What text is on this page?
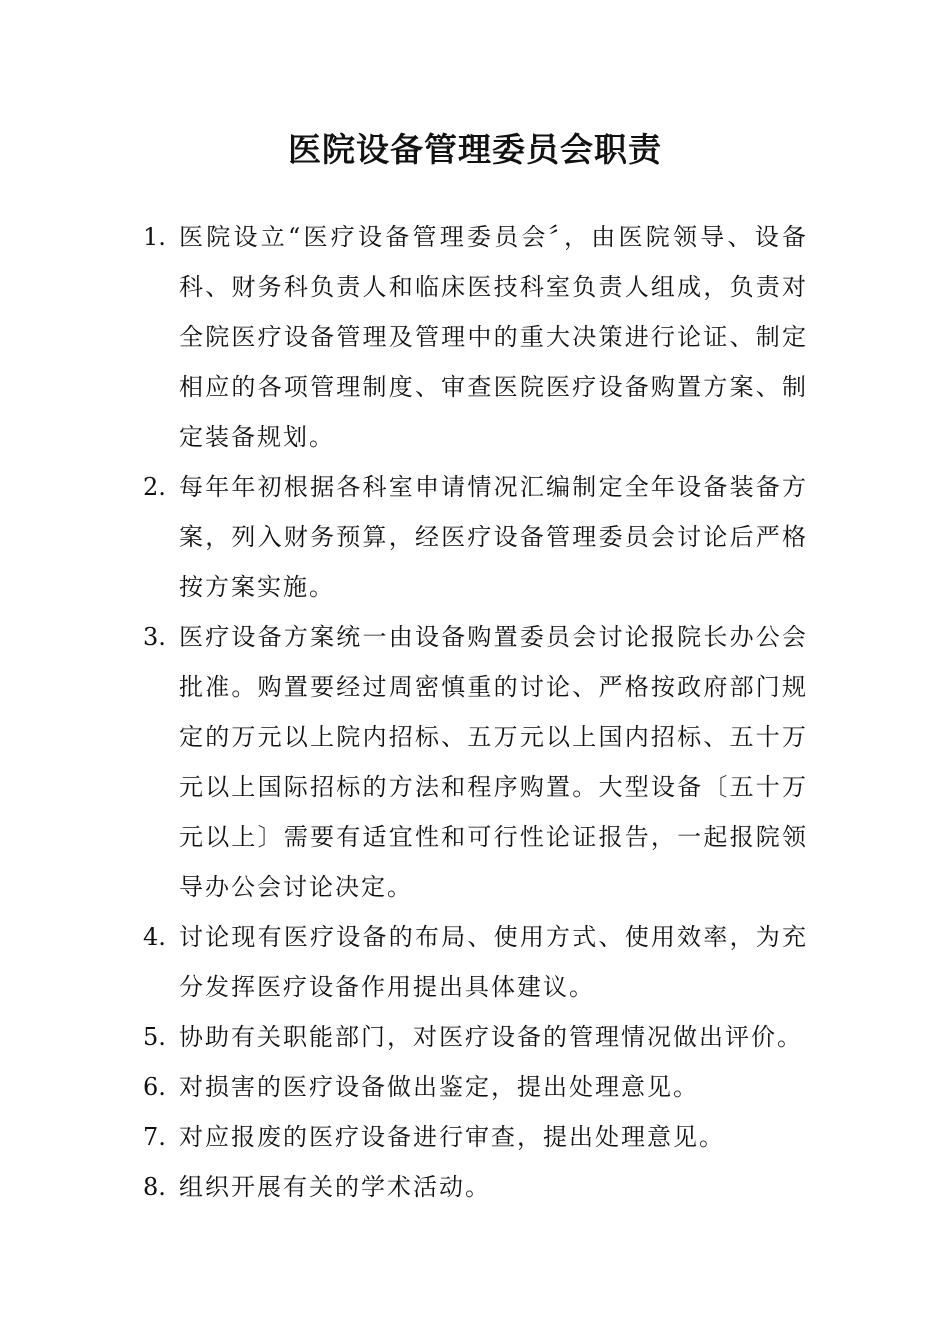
医院设备管理委员会职责
1. 医院设立“医疗设备管理委员会〞，由医院领导、设备科、财务科负责人和临床医技科室负责人组成，负责对全院医疗设备管理及管理中的重大决策进行论证、制定相应的各项管理制度、审查医院医疗设备购置方案、制定装备规划。
2. 每年年初根据各科室申请情况汇编制定全年设备装备方案，列入财务预算，经医疗设备管理委员会讨论后严格按方案实施。
3. 医疗设备方案统一由设备购置委员会讨论报院长办公会批准。购置要经过周密慎重的讨论、严格按政府部门规定的万元以上院内招标、五万元以上国内招标、五十万元以上国际招标的方法和程序购置。大型设备〔五十万元以上〕需要有适宜性和可行性论证报告，一起报院领导办公会讨论决定。
4. 讨论现有医疗设备的布局、使用方式、使用效率，为充分发挥医疗设备作用提出具体建议。
5. 协助有关职能部门，对医疗设备的管理情况做出评价。
6. 对损害的医疗设备做出鉴定，提出处理意见。
7. 对应报废的医疗设备进行审查，提出处理意见。
8. 组织开展有关的学术活动。
